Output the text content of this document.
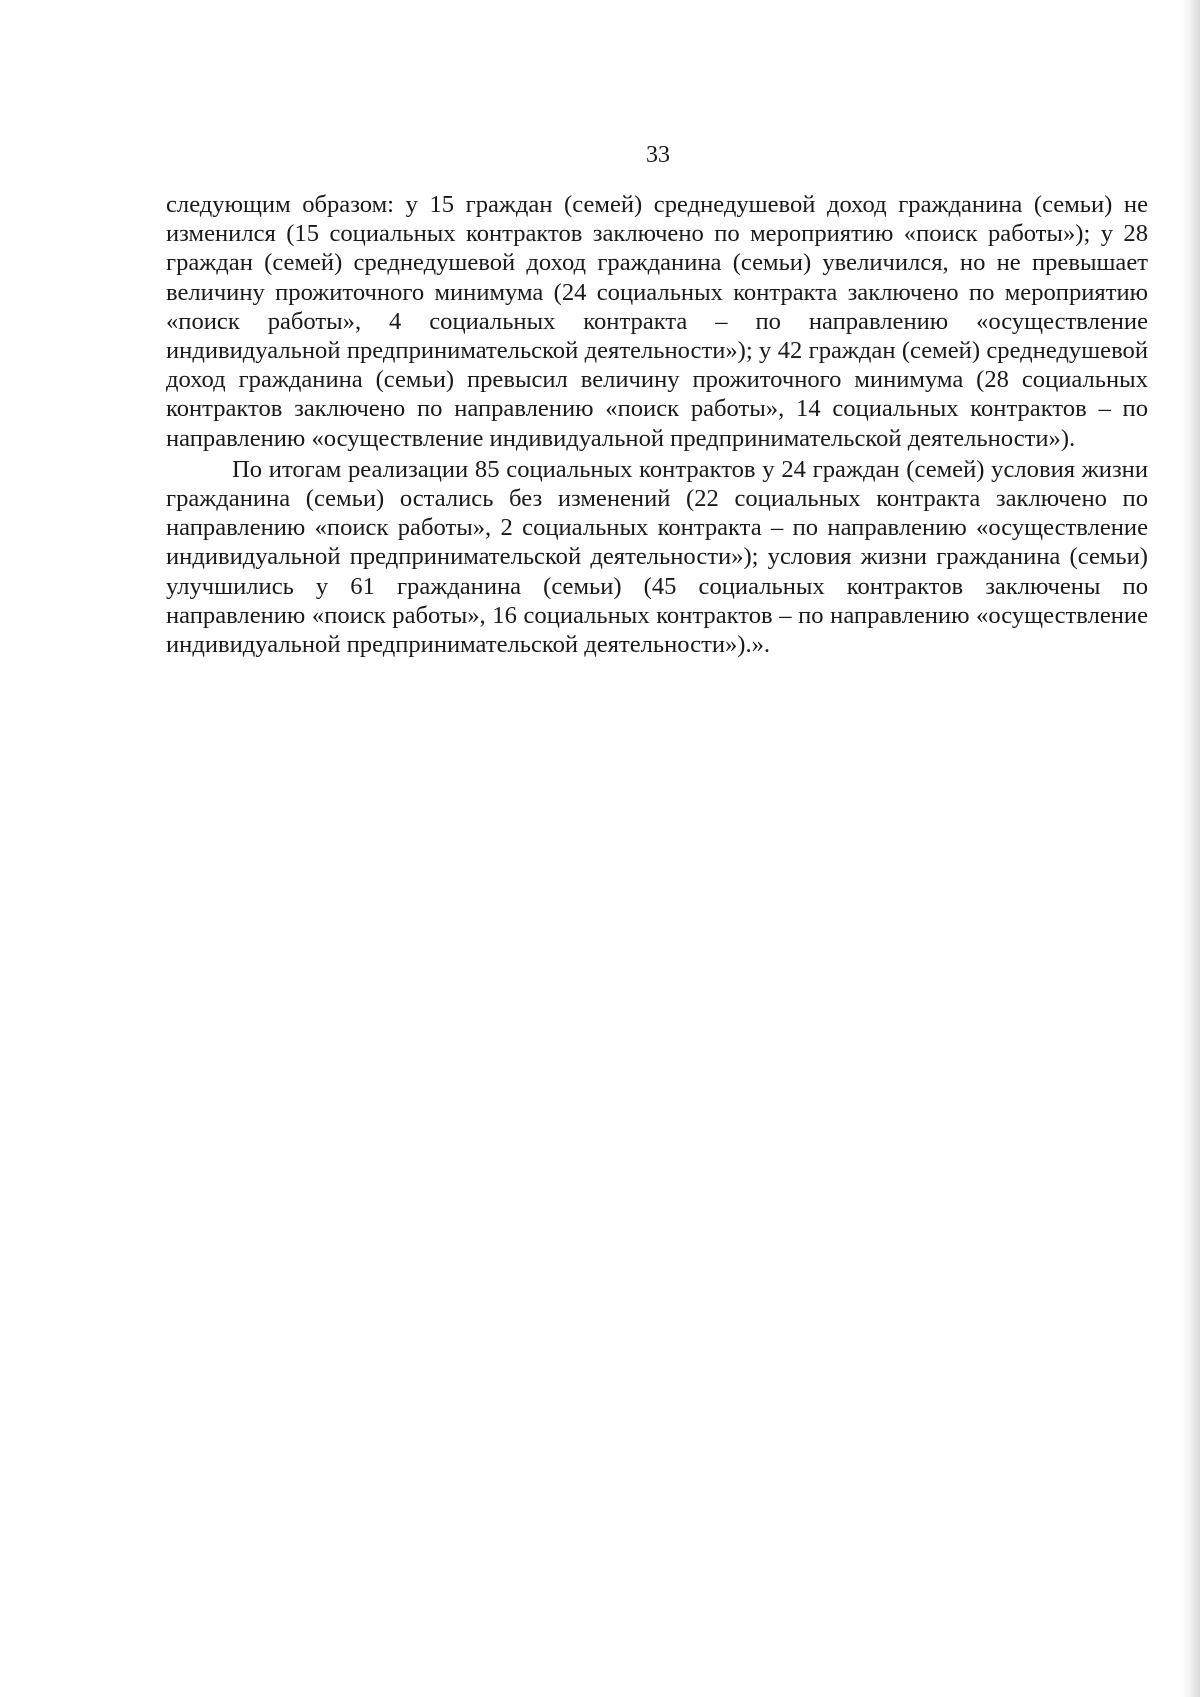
33

следующим образом: у 15 граждан (семей) среднедушевой доход гражданина (семьи) не изменился (15 социальных контрактов заключено по мероприятию «поиск работы»); у 28 граждан (семей) среднедушевой доход гражданина (семьи) увеличился, но не превышает величину прожиточного минимума (24 социальных контракта заключено по мероприятию «поиск работы», 4 социальных контракта – по направлению «осуществление индивидуальной предпринимательской деятельности»); у 42 граждан (семей) среднедушевой доход гражданина (семьи) превысил величину прожиточного минимума (28 социальных контрактов заключено по направлению «поиск работы», 14 социальных контрактов – по направлению «осуществление индивидуальной предпринимательской деятельности»).

По итогам реализации 85 социальных контрактов у 24 граждан (семей) условия жизни гражданина (семьи) остались без изменений (22 социальных контракта заключено по направлению «поиск работы», 2 социальных контракта – по направлению «осуществление индивидуальной предпринимательской деятельности»); условия жизни гражданина (семьи) улучшились у 61 гражданина (семьи) (45 социальных контрактов заключены по направлению «поиск работы», 16 социальных контрактов – по направлению «осуществление индивидуальной предпринимательской деятельности»).».
